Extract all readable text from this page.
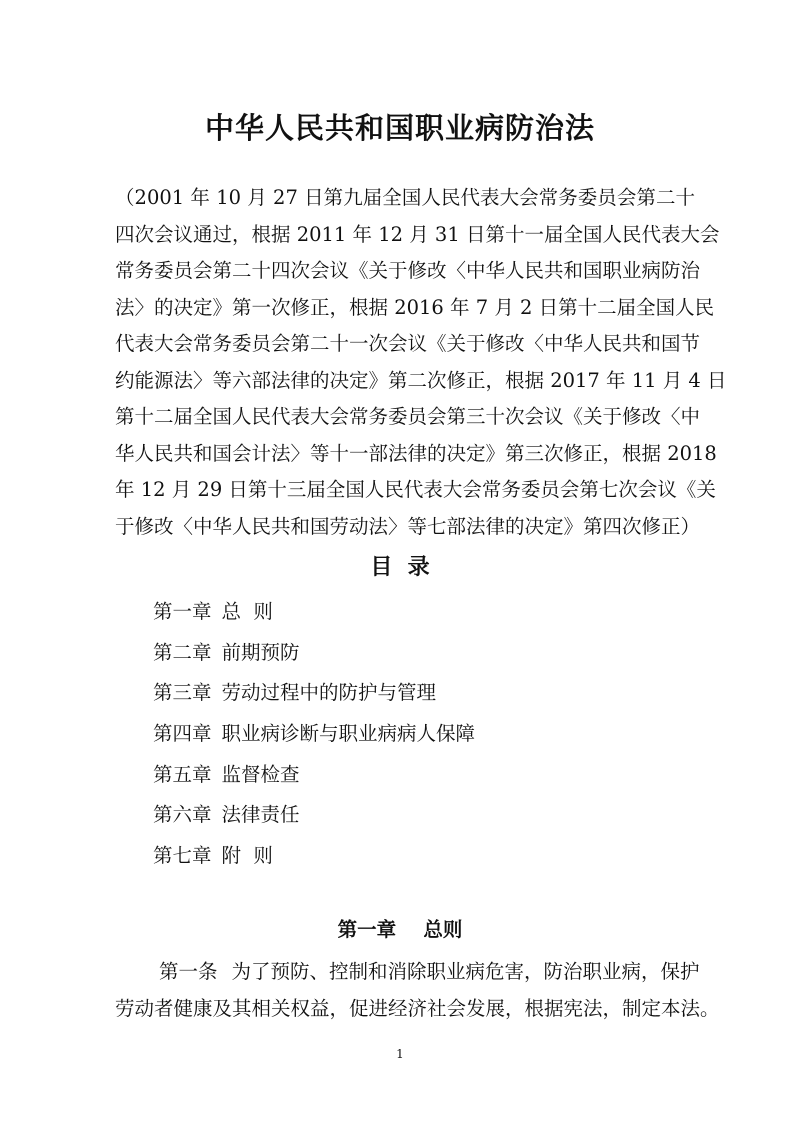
中华人民共和国职业病防治法
（2001 年 10 月 27 日第九届全国人民代表大会常务委员会第二十
四次会议通过，根据 2011 年 12 月 31 日第十一届全国人民代表大会
常务委员会第二十四次会议《关于修改〈中华人民共和国职业病防治
法〉的决定》第一次修正，根据 2016 年 7 月 2 日第十二届全国人民
代表大会常务委员会第二十一次会议《关于修改〈中华人民共和国节
约能源法〉等六部法律的决定》第二次修正，根据 2017 年 11 月 4 日
第十二届全国人民代表大会常务委员会第三十次会议《关于修改〈中
华人民共和国会计法〉等十一部法律的决定》第三次修正，根据 2018
年 12 月 29 日第十三届全国人民代表大会常务委员会第七次会议《关
于修改〈中华人民共和国劳动法〉等七部法律的决定》第四次修正）
目  录
第一章 总  则
第二章 前期预防
第三章 劳动过程中的防护与管理
第四章 职业病诊断与职业病病人保障
第五章 监督检查
第六章 法律责任
第七章 附  则
第一章    总则
第一条 为了预防、控制和消除职业病危害，防治职业病，保护
劳动者健康及其相关权益，促进经济社会发展，根据宪法，制定本法。
1
